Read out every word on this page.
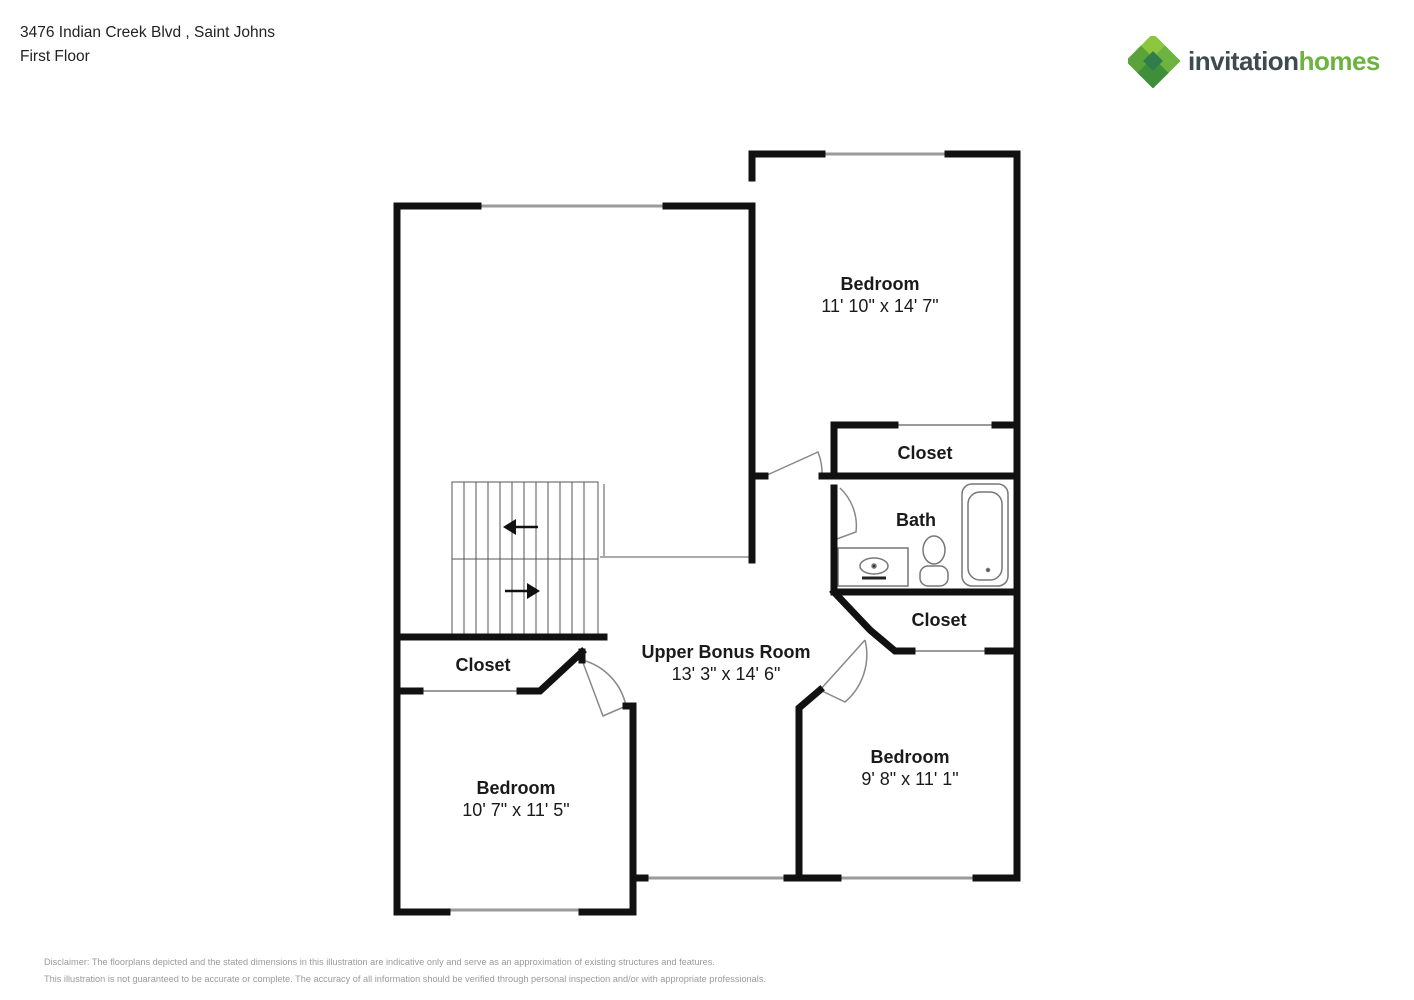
3476 Indian Creek Blvd , Saint Johns
First Floor	invitationhomes
Bedroom
11' 10" x 14' 7"
Closet
Bath
Closet
Upper Bonus Room
13' 3" x 14' 6"
Closet
Bedroom
10' 7" x 11' 5"
Bedroom
9' 8" x 11' 1"
Disclaimer: The floorplans depicted and the stated dimensions in this illustration are indicative only and serve as an approximation of existing structures and features.
This illustration is not guaranteed to be accurate or complete. The accuracy of all information should be verified through personal inspection and/or with appropriate professionals.
